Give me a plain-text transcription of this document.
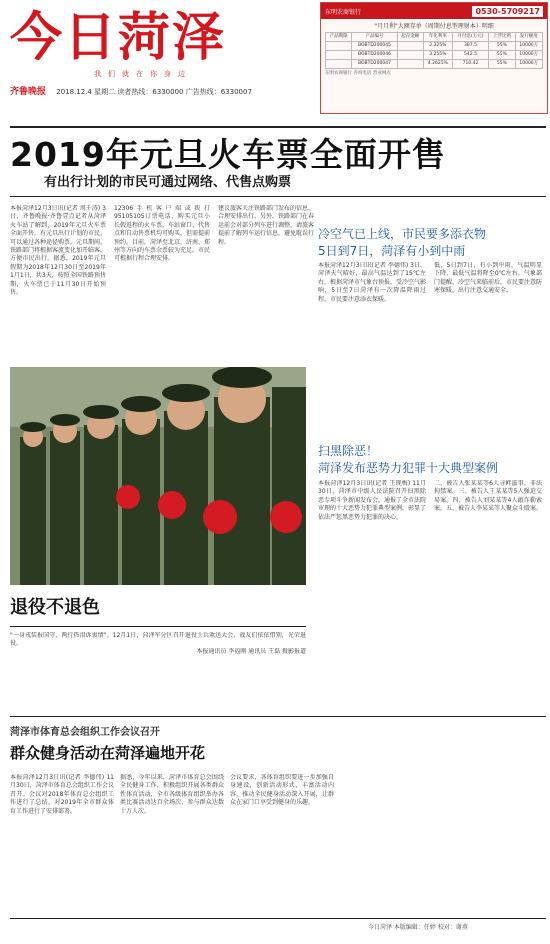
今日菏泽
我们就在你身边
齐鲁晚报 2018.12.4 星期二 读者热线：6330000 广告热线：6330007
东明农商银行	0530-5709217
"月月利"大额存单（周期付息型理财本）明细
产品期限	产品编号	起存金额	年化利率	月付息(万元)	上浮比例	发行额度
	BOBTD200045		2.325%	387.5	55%	10000万
	BOBTD200046		3.255%	542.5	55%	10000万
	BOBTD200047		4.2625%	710.42	55%	10000万
东明农商银行 咨询电话 营业网点
2019年元旦火车票全面开售
有出行计划的市民可通过网络、代售点购票
本报菏泽12月3日讯(记者 周千涛) 3日，齐鲁晚报·齐鲁壹点记者从菏泽火车站了解到，2019年元旦火车票全面开售，有元旦出行计划的市民，可以通过各种途径购票。元旦期间，铁路部门将根据客流变化加开临客，方便市民出行。据悉，2019年元旦假期为2018年12月30日至2019年1月1日，共3天，按照全国铁路预售期，火车票已于11月30日开始预售。
12306手机客户端或拨打95105105订票电话，购买元旦小长假返程的火车票。车站窗口、代售点和自动售票机均可购买，但需提前预约。目前，菏泽至北京、济南、郑州等方向的车票余票较为充足，市民可根据行程合理安排。
建议旅客关注铁路部门发布的信息，合理安排出行。另外，铁路部门在春运前会对部分列车进行调整，请旅客提前了解列车运行信息，避免耽误行程。
退役不退色
"一身戎装报国守，两行热泪诉衷情"。12月1日，菏泽军分区召开退役士兵欢送大会，战友们依依惜别，光荣退役。
本报通讯员 李福刚 通讯员 王磊 摄影报道
冷空气已上线，市民要多添衣物
5日到7日，菏泽有小到中雨
本报菏泽12月3日讯(记者 李德伟) 3日，菏泽天气晴好，最高气温达到了15℃左右。根据菏泽市气象台预报，受冷空气影响，5日至7日菏泽有一次降温降雨过程，市民要注意添衣保暖。
低，5日到7日，有小到中雨，气温明显下降，最低气温将降至0℃左右。气象部门提醒，冷空气来临前后，市民要注意防寒保暖，出行注意交通安全。
扫黑除恶！
菏泽发布恶势力犯罪十大典型案例
本报菏泽12月3日讯(记者 王现梅) 11月30日，菏泽市中级人民法院召开扫黑除恶专项斗争新闻发布会，通报了全市法院审理的十大恶势力犯罪典型案例，彰显了依法严惩黑恶势力犯罪的决心。
二、被告人张某某等6人寻衅滋事、非法拘禁案。三、被告人王某某等5人强迫交易案。四、被告人刘某某等4人敲诈勒索案。五、被告人李某某等人聚众斗殴案。
菏泽市体育总会组织工作会议召开
群众健身活动在菏泽遍地开花
本报菏泽12月3日讯(记者 李德伟) 11月30日，菏泽市体育总会组织工作会议召开。会议对2018年体育总会组织工作进行了总结，对2019年全市群众体育工作进行了安排部署。
据悉，今年以来，菏泽市体育总会围绕全民健身工作，积极组织开展各类群众性体育活动，全市各级体育组织举办各类比赛活动达百余场次，参与群众达数十万人次。
会议要求，各体育组织要进一步加强自身建设，创新活动形式，丰富活动内容，推动全民健身活动深入开展，让群众在家门口享受到健身的乐趣。
今日菏泽 本版编辑：任婷 校对：谢燕
